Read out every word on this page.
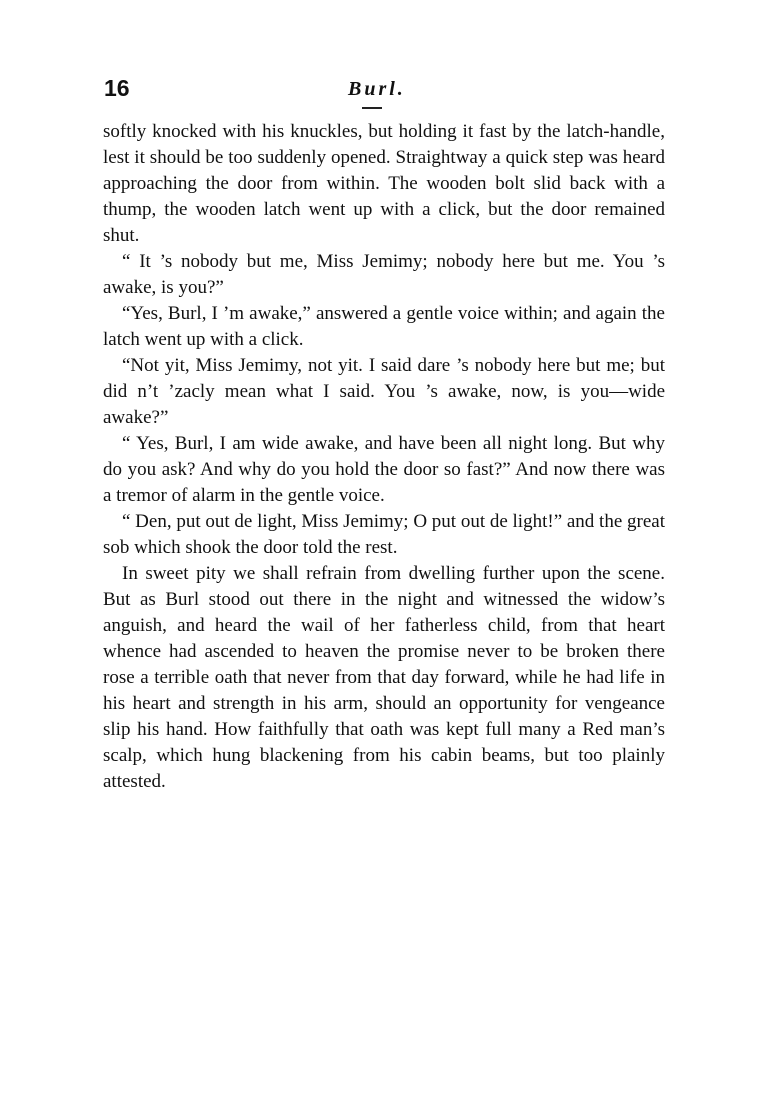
16	Burl.

softly knocked with his knuckles, but holding it fast by the latch-handle, lest it should be too suddenly opened. Straightway a quick step was heard approaching the door from within. The wooden bolt slid back with a thump, the wooden latch went up with a click, but the door remained shut.

“ It ’s nobody but me, Miss Jemimy; nobody here but me. You ’s awake, is you?”

“Yes, Burl, I ’m awake,” answered a gentle voice within; and again the latch went up with a click.

“Not yit, Miss Jemimy, not yit. I said dare ’s nobody here but me; but did n’t ’zacly mean what I said. You ’s awake, now, is you—wide awake?”

“ Yes, Burl, I am wide awake, and have been all night long. But why do you ask? And why do you hold the door so fast?” And now there was a tremor of alarm in the gentle voice.

“ Den, put out de light, Miss Jemimy; O put out de light!” and the great sob which shook the door told the rest.

In sweet pity we shall refrain from dwelling further upon the scene. But as Burl stood out there in the night and witnessed the widow’s anguish, and heard the wail of her fatherless child, from that heart whence had ascended to heaven the promise never to be broken there rose a terrible oath that never from that day forward, while he had life in his heart and strength in his arm, should an opportunity for vengeance slip his hand. How faithfully that oath was kept full many a Red man’s scalp, which hung blackening from his cabin beams, but too plainly attested.
